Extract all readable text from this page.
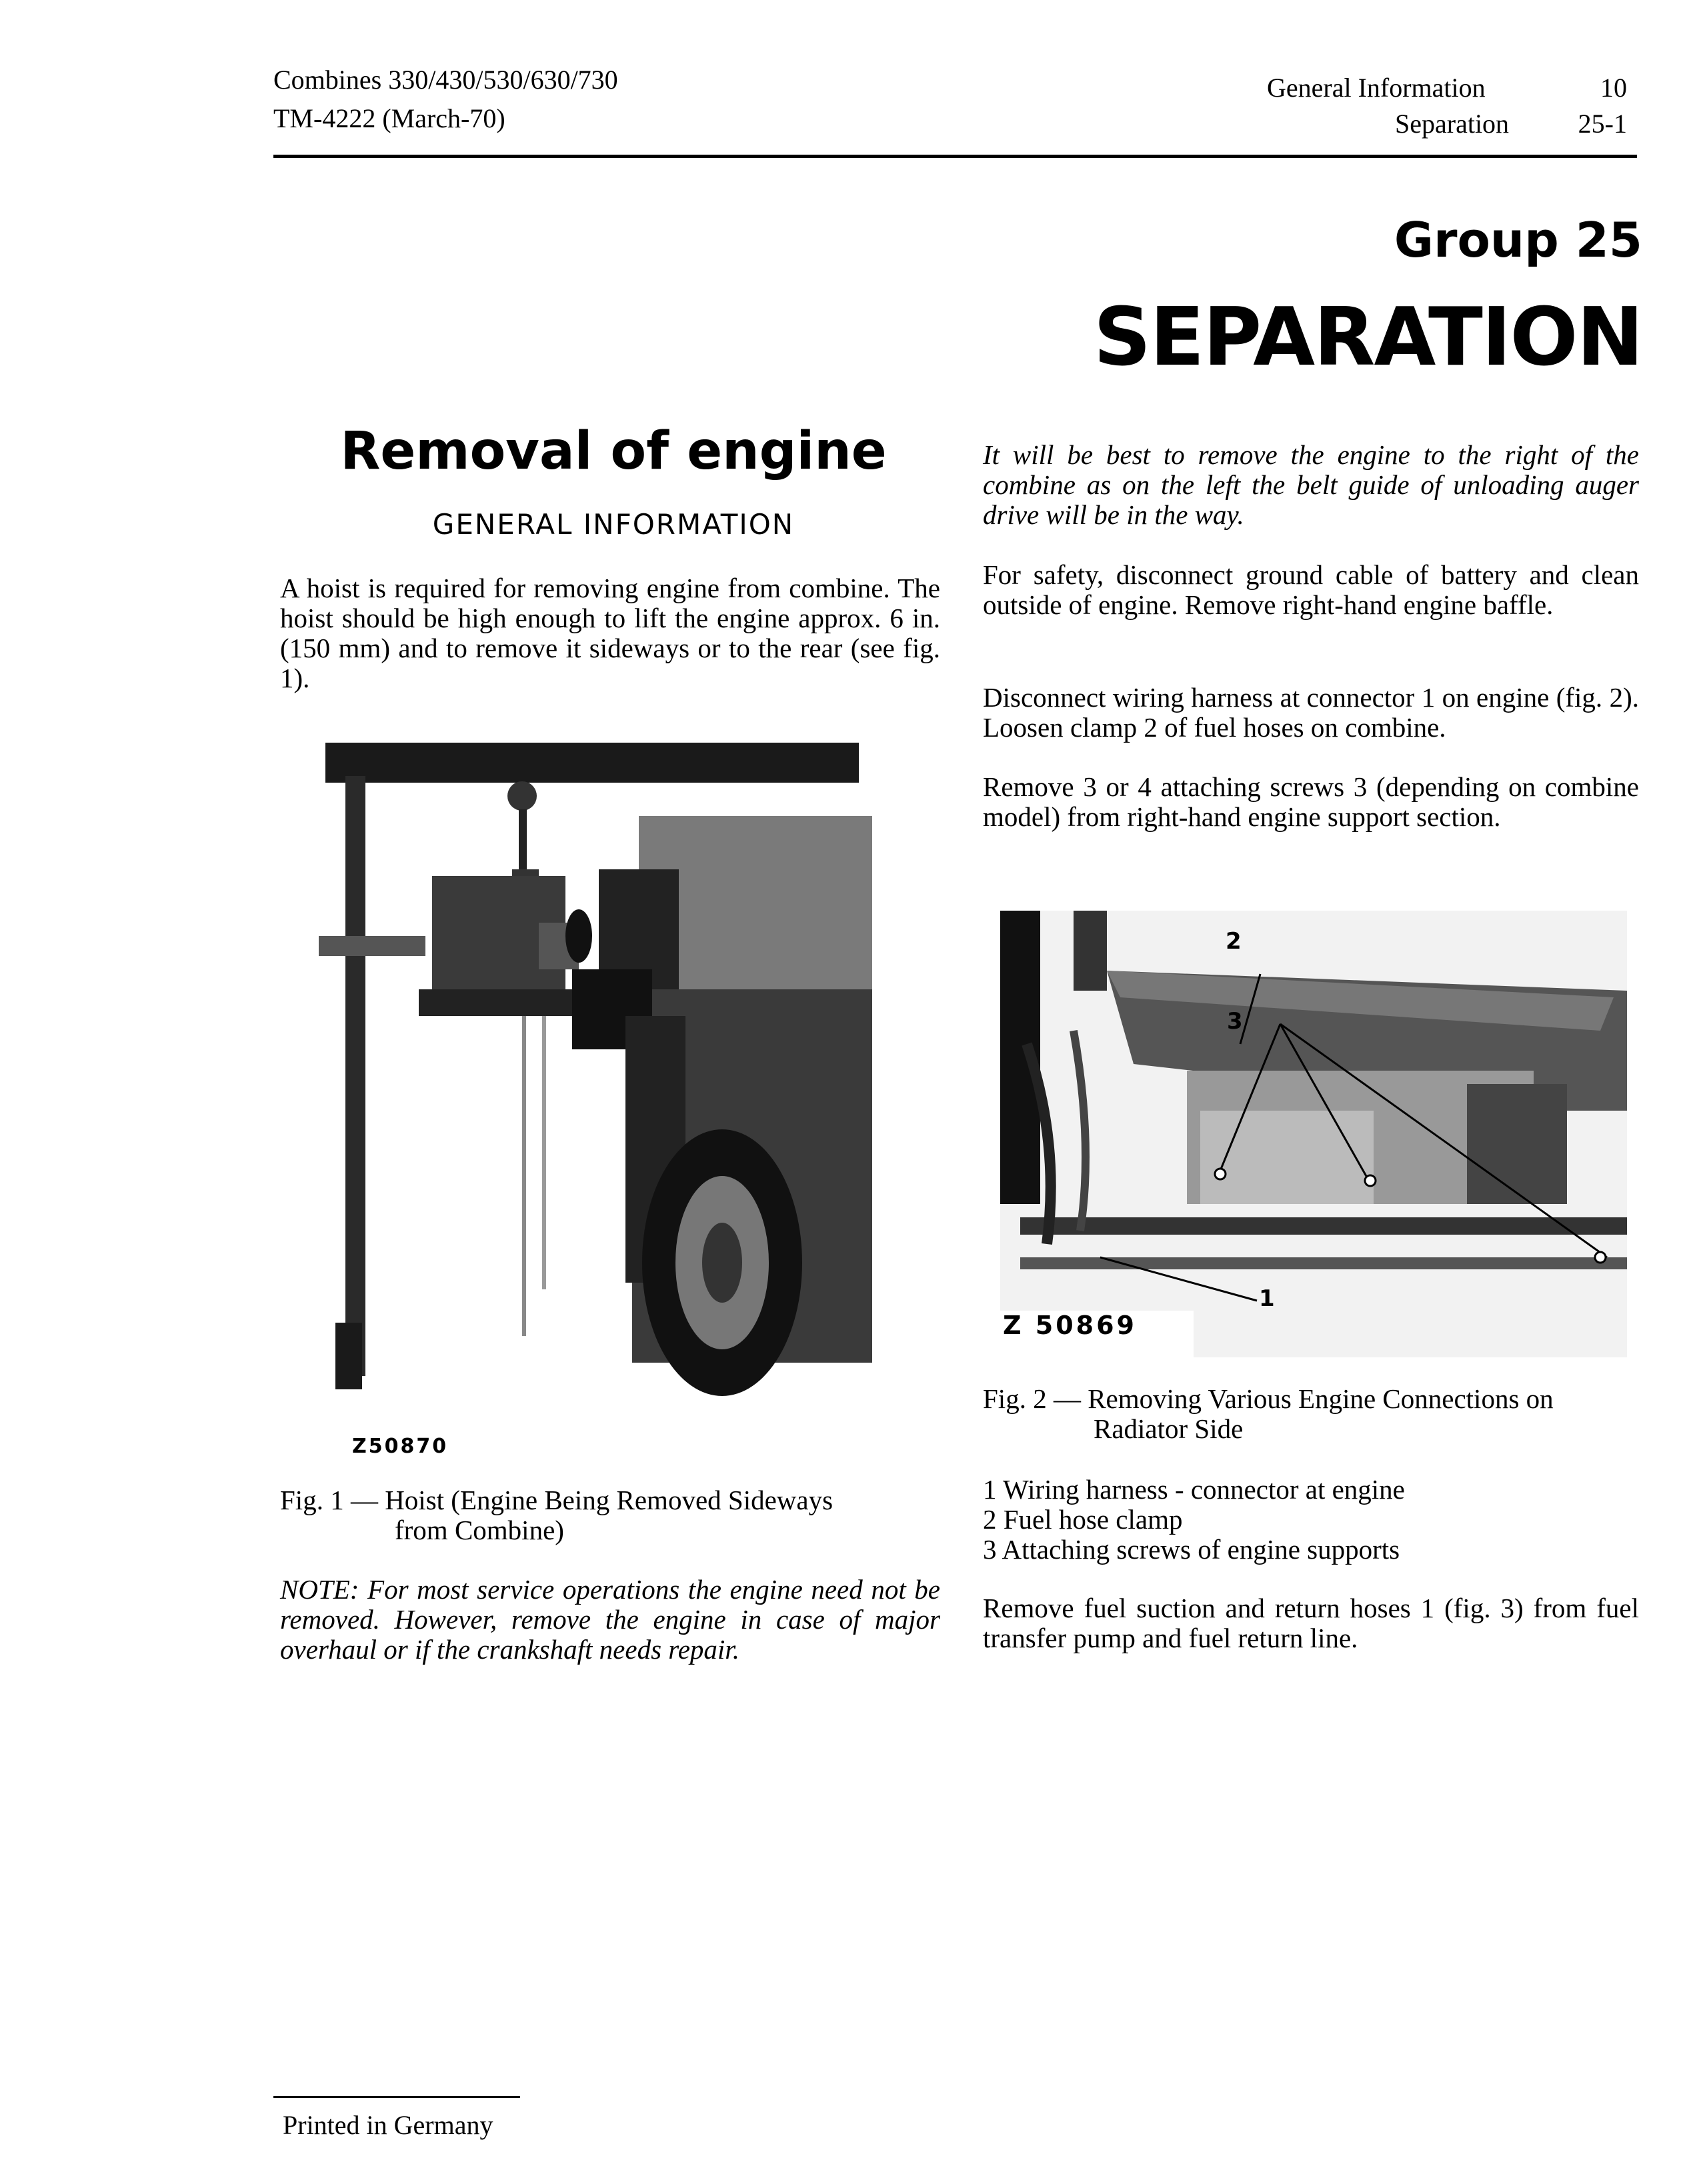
Combines 330/430/530/630/730
TM-4222 (March-70)
General Information	10
Separation	25-1
Group 25
SEPARATION
Removal of engine
GENERAL INFORMATION
A hoist is required for removing engine from combine. The hoist should be high enough to lift the engine approx. 6 in. (150 mm) and to remove it sideways or to the rear (see fig. 1).
Z50870
Fig. 1 — Hoist (Engine Being Removed Sideways
from Combine)
NOTE: For most service operations the engine need not be removed. However, remove the engine in case of major overhaul or if the crankshaft needs repair.
It will be best to remove the engine to the right of the combine as on the left the belt guide of unloading auger drive will be in the way.
For safety, disconnect ground cable of battery and clean outside of engine. Remove right-hand engine baffle.
Disconnect wiring harness at connector 1 on engine (fig. 2). Loosen clamp 2 of fuel hoses on combine.
Remove 3 or 4 attaching screws 3 (depending on combine model) from right-hand engine support section.
2
3
1
Z 50869
Fig. 2 — Removing Various Engine Connections on
Radiator Side
1 Wiring harness - connector at engine
2 Fuel hose clamp
3 Attaching screws of engine supports
Remove fuel suction and return hoses 1 (fig. 3) from fuel transfer pump and fuel return line.
Printed in Germany
